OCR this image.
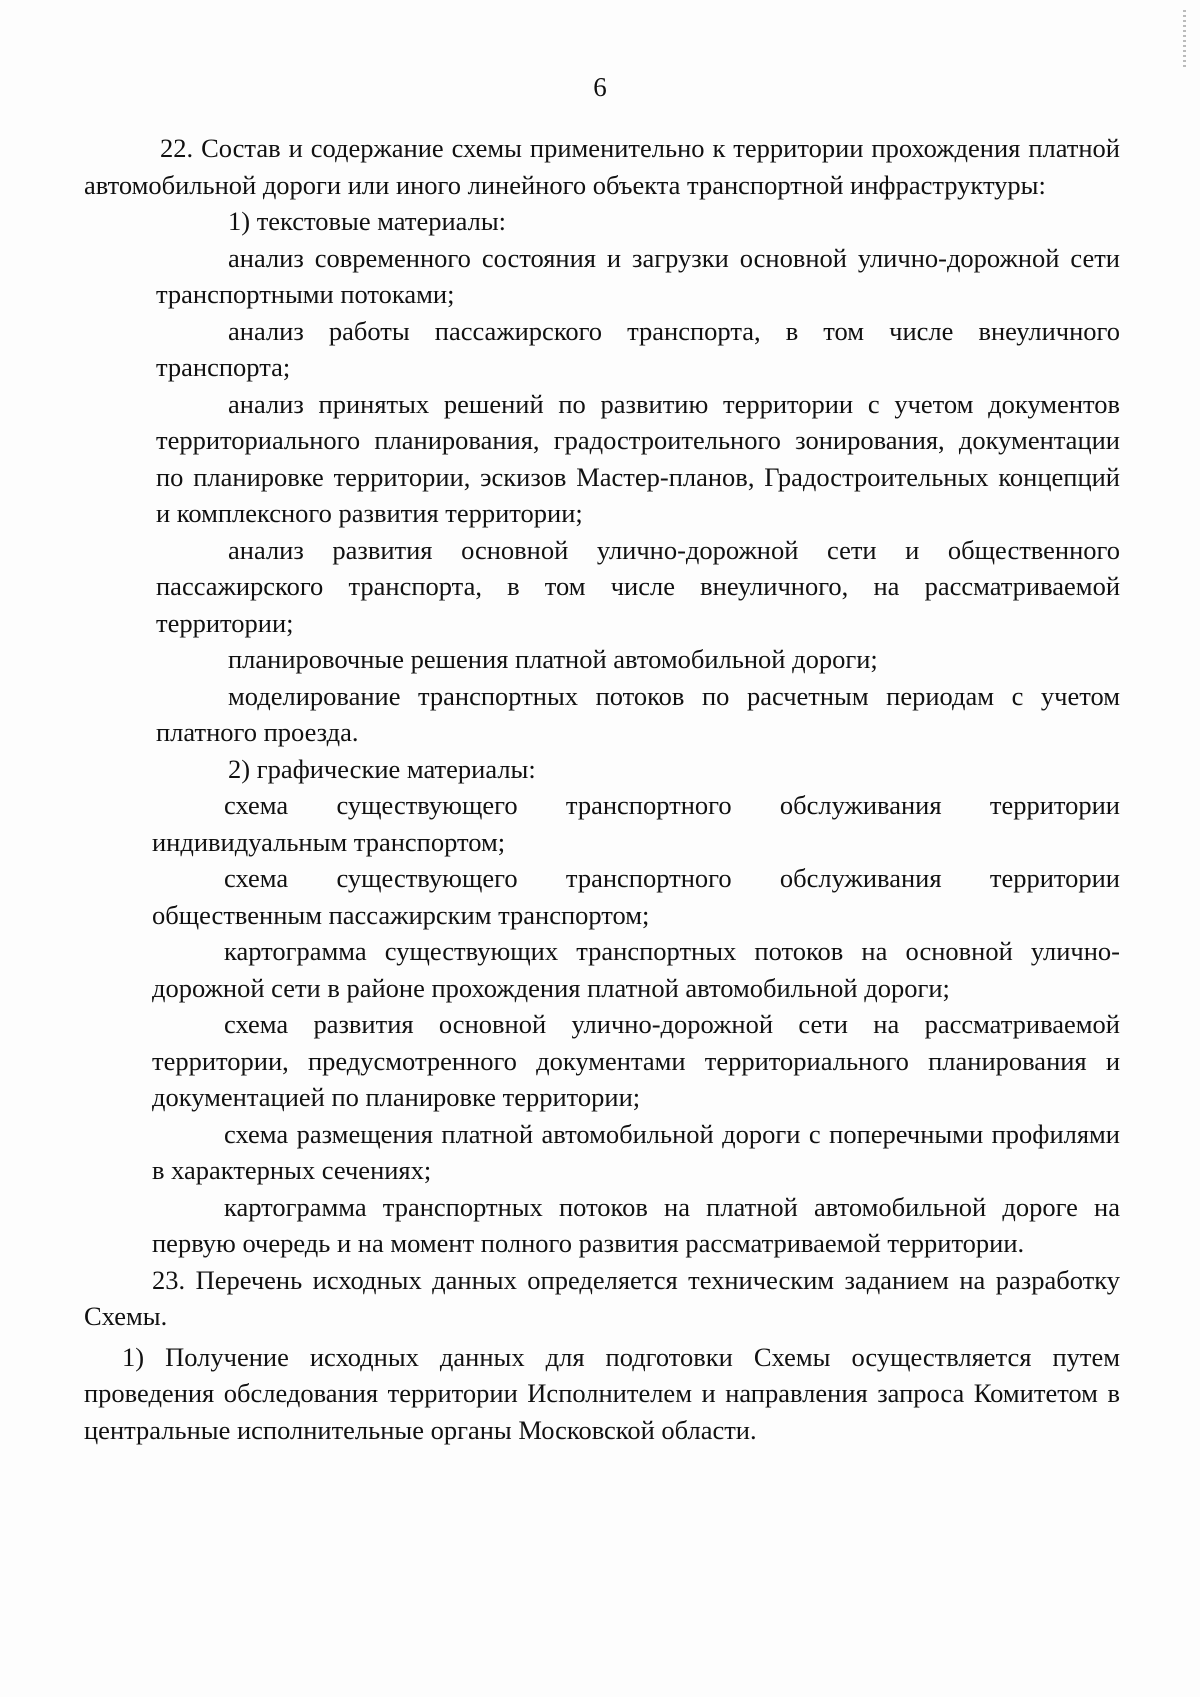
6

22. Состав и содержание схемы применительно к территории прохождения платной автомобильной дороги или иного линейного объекта транспортной инфраструктуры:

1) текстовые материалы:

анализ современного состояния и загрузки основной улично-дорожной сети транспортными потоками;

анализ работы пассажирского транспорта, в том числе внеуличного транспорта;

анализ принятых решений по развитию территории с учетом документов территориального планирования, градостроительного зонирования, документации по планировке территории, эскизов Мастер-планов, Градостроительных концепций и комплексного развития территории;

анализ развития основной улично-дорожной сети и общественного пассажирского транспорта, в том числе внеуличного, на рассматриваемой территории;

планировочные решения платной автомобильной дороги;

моделирование транспортных потоков по расчетным периодам с учетом платного проезда.

2) графические материалы:

схема существующего транспортного обслуживания территории индивидуальным транспортом;

схема существующего транспортного обслуживания территории общественным пассажирским транспортом;

картограмма существующих транспортных потоков на основной улично-дорожной сети в районе прохождения платной автомобильной дороги;

схема развития основной улично-дорожной сети на рассматриваемой территории, предусмотренного документами территориального планирования и документацией по планировке территории;

схема размещения платной автомобильной дороги с поперечными профилями в характерных сечениях;

картограмма транспортных потоков на платной автомобильной дороге на первую очередь и на момент полного развития рассматриваемой территории.

23. Перечень исходных данных определяется техническим заданием на разработку Схемы.

1) Получение исходных данных для подготовки Схемы осуществляется путем проведения обследования территории Исполнителем и направления запроса Комитетом в центральные исполнительные органы Московской области.
